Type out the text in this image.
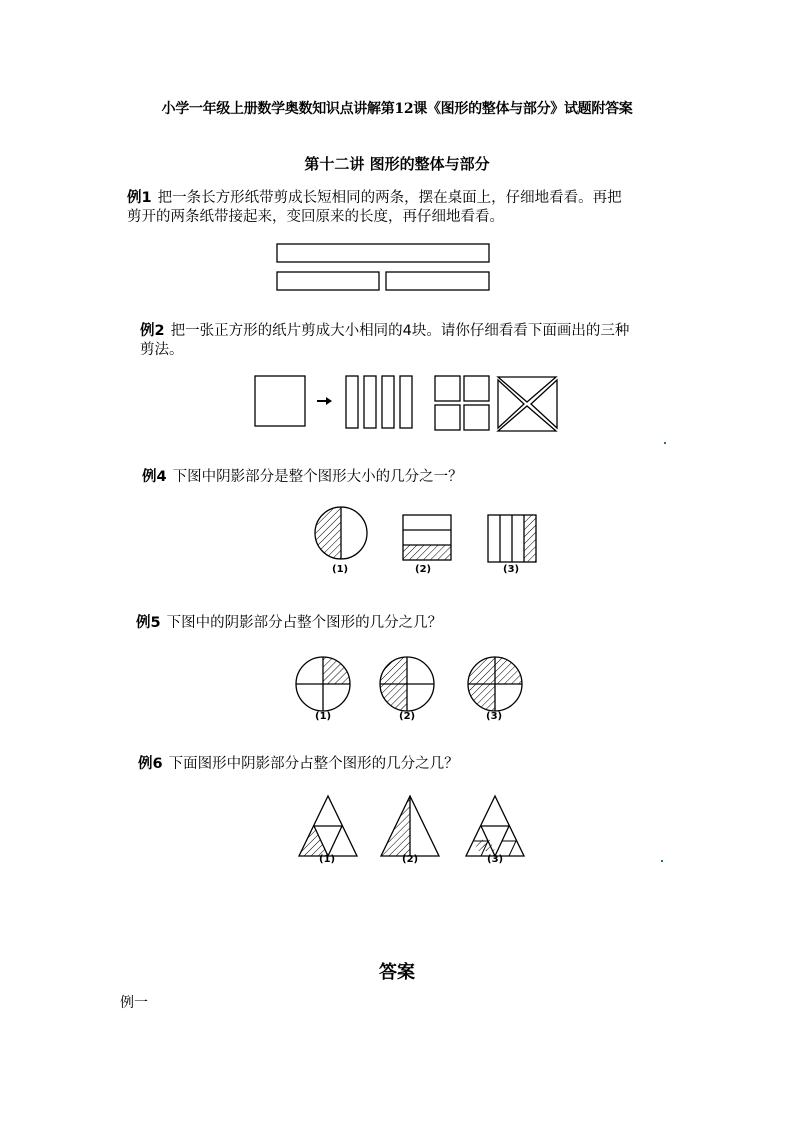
小学一年级上册数学奥数知识点讲解第12课《图形的整体与部分》试题附答案
第十二讲 图形的整体与部分
例1 把一条长方形纸带剪成长短相同的两条，摆在桌面上，仔细地看看。再把
剪开的两条纸带接起来，变回原来的长度，再仔细地看看。
例2 把一张正方形的纸片剪成大小相同的4块。请你仔细看看下面画出的三种
剪法。
例4 下图中阴影部分是整个图形大小的几分之一？
(1)	(2)	(3)
例5 下图中的阴影部分占整个图形的几分之几？
(1)	(2)	(3)
例6 下面图形中阴影部分占整个图形的几分之几？
(1)	(2)	(3)
答案
例一
